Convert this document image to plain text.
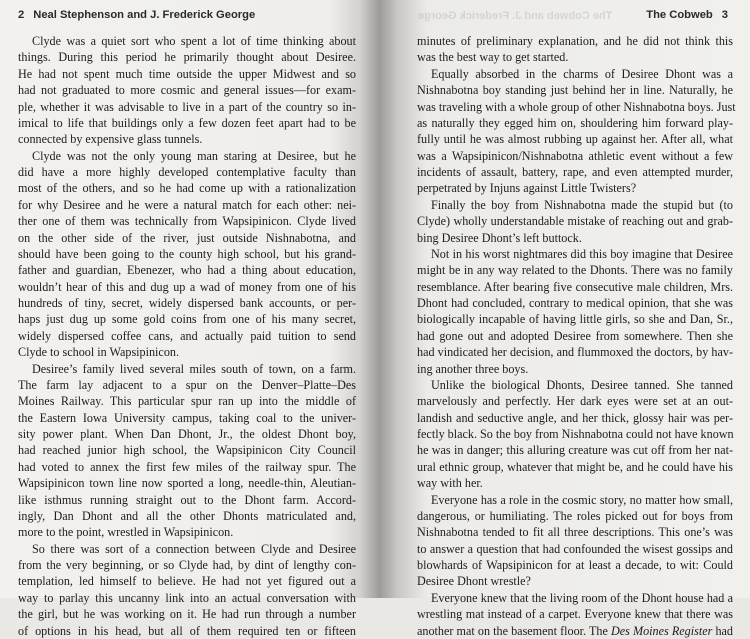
The Cobweb and J. Frederick George
2 Neal Stephenson and J. Frederick George
Clyde was a quiet sort who spent a lot of time thinking about
things. During this period he primarily thought about Desiree.
He had not spent much time outside the upper Midwest and so
had not graduated to more cosmic and general issues—for exam-
ple, whether it was advisable to live in a part of the country so in-
imical to life that buildings only a few dozen feet apart had to be
connected by expensive glass tunnels.
Clyde was not the only young man staring at Desiree, but he
did have a more highly developed contemplative faculty than
most of the others, and so he had come up with a rationalization
for why Desiree and he were a natural match for each other: nei-
ther one of them was technically from Wapsipinicon. Clyde lived
on the other side of the river, just outside Nishnabotna, and
should have been going to the county high school, but his grand-
father and guardian, Ebenezer, who had a thing about education,
wouldn’t hear of this and dug up a wad of money from one of his
hundreds of tiny, secret, widely dispersed bank accounts, or per-
haps just dug up some gold coins from one of his many secret,
widely dispersed coffee cans, and actually paid tuition to send
Clyde to school in Wapsipinicon.
Desiree’s family lived several miles south of town, on a farm.
The farm lay adjacent to a spur on the Denver–Platte–Des
Moines Railway. This particular spur ran up into the middle of
the Eastern Iowa University campus, taking coal to the univer-
sity power plant. When Dan Dhont, Jr., the oldest Dhont boy,
had reached junior high school, the Wapsipinicon City Council
had voted to annex the first few miles of the railway spur. The
Wapsipinicon town line now sported a long, needle-thin, Aleutian-
like isthmus running straight out to the Dhont farm. Accord-
ingly, Dan Dhont and all the other Dhonts matriculated and,
more to the point, wrestled in Wapsipinicon.
So there was sort of a connection between Clyde and Desiree
from the very beginning, or so Clyde had, by dint of lengthy con-
templation, led himself to believe. He had not yet figured out a
way to parlay this uncanny link into an actual conversation with
the girl, but he was working on it. He had run through a number
of options in his head, but all of them required ten or fifteen
The Cobweb 3
minutes of preliminary explanation, and he did not think this
was the best way to get started.
Equally absorbed in the charms of Desiree Dhont was a
Nishnabotna boy standing just behind her in line. Naturally, he
was traveling with a whole group of other Nishnabotna boys. Just
as naturally they egged him on, shouldering him forward play-
fully until he was almost rubbing up against her. After all, what
was a Wapsipinicon/Nishnabotna athletic event without a few
incidents of assault, battery, rape, and even attempted murder,
perpetrated by Injuns against Little Twisters?
Finally the boy from Nishnabotna made the stupid but (to
Clyde) wholly understandable mistake of reaching out and grab-
bing Desiree Dhont’s left buttock.
Not in his worst nightmares did this boy imagine that Desiree
might be in any way related to the Dhonts. There was no family
resemblance. After bearing five consecutive male children, Mrs.
Dhont had concluded, contrary to medical opinion, that she was
biologically incapable of having little girls, so she and Dan, Sr.,
had gone out and adopted Desiree from somewhere. Then she
had vindicated her decision, and flummoxed the doctors, by hav-
ing another three boys.
Unlike the biological Dhonts, Desiree tanned. She tanned
marvelously and perfectly. Her dark eyes were set at an out-
landish and seductive angle, and her thick, glossy hair was per-
fectly black. So the boy from Nishnabotna could not have known
he was in danger; this alluring creature was cut off from her nat-
ural ethnic group, whatever that might be, and he could have his
way with her.
Everyone has a role in the cosmic story, no matter how small,
dangerous, or humiliating. The roles picked out for boys from
Nishnabotna tended to fit all three descriptions. This one’s was
to answer a question that had confounded the wisest gossips and
blowhards of Wapsipinicon for at least a decade, to wit: Could
Desiree Dhont wrestle?
Everyone knew that the living room of the Dhont house had a
wrestling mat instead of a carpet. Everyone knew that there was
another mat on the basement floor. The Des Moines Register had
